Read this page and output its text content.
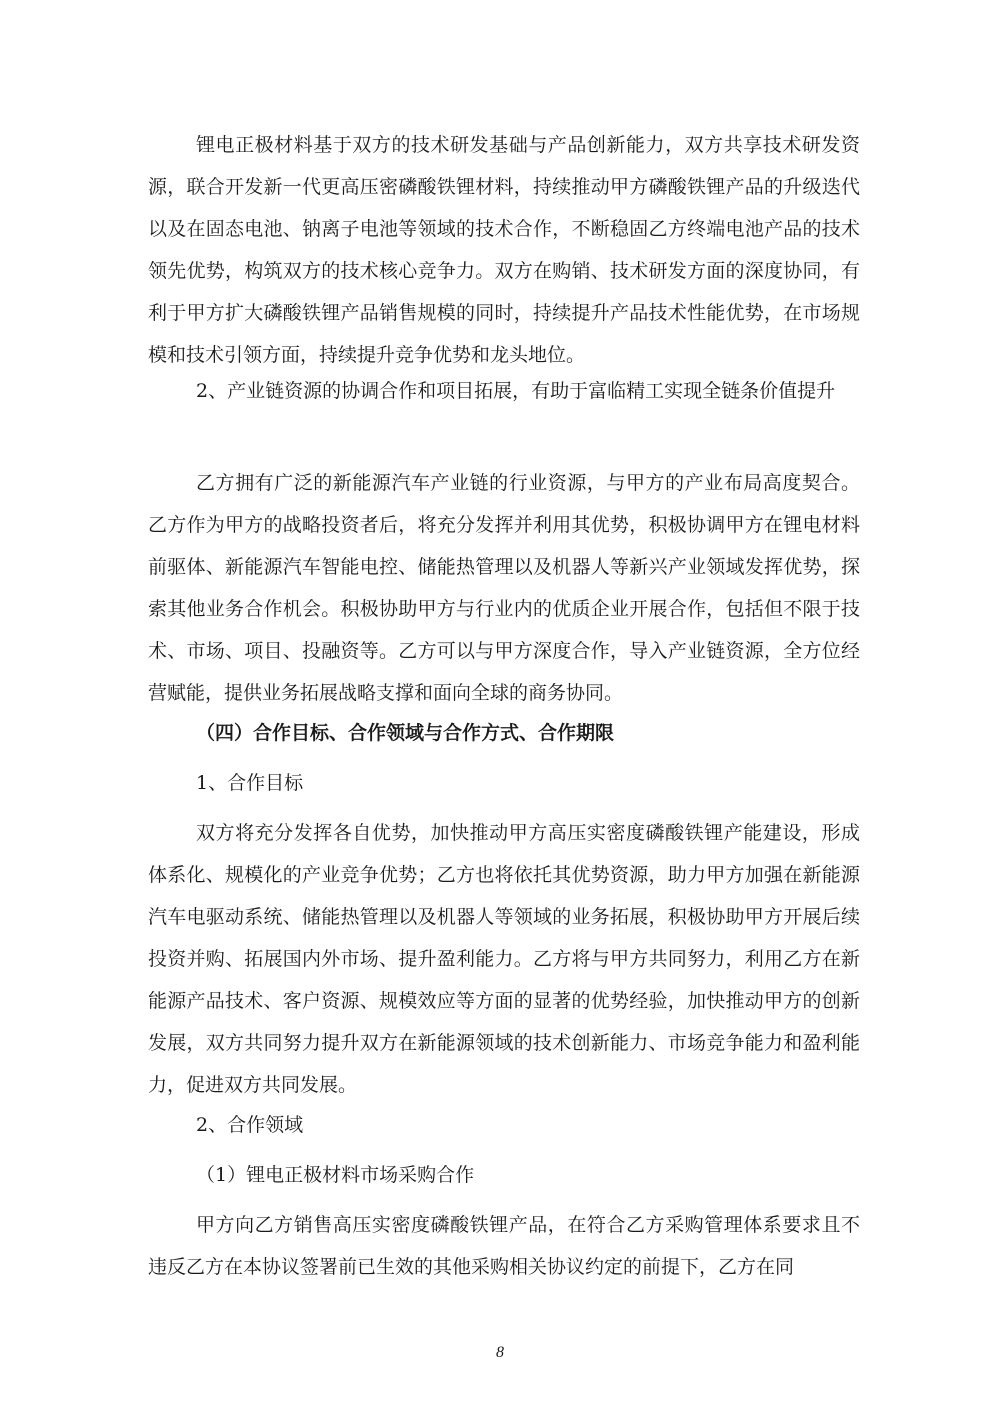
锂电正极材料基于双方的技术研发基础与产品创新能力，双方共享技术研发资源，联合开发新一代更高压密磷酸铁锂材料，持续推动甲方磷酸铁锂产品的升级迭代以及在固态电池、钠离子电池等领域的技术合作，不断稳固乙方终端电池产品的技术领先优势，构筑双方的技术核心竞争力。双方在购销、技术研发方面的深度协同，有利于甲方扩大磷酸铁锂产品销售规模的同时，持续提升产品技术性能优势，在市场规模和技术引领方面，持续提升竞争优势和龙头地位。

2、产业链资源的协调合作和项目拓展，有助于富临精工实现全链条价值提升

乙方拥有广泛的新能源汽车产业链的行业资源，与甲方的产业布局高度契合。乙方作为甲方的战略投资者后，将充分发挥并利用其优势，积极协调甲方在锂电材料前驱体、新能源汽车智能电控、储能热管理以及机器人等新兴产业领域发挥优势，探索其他业务合作机会。积极协助甲方与行业内的优质企业开展合作，包括但不限于技术、市场、项目、投融资等。乙方可以与甲方深度合作，导入产业链资源，全方位经营赋能，提供业务拓展战略支撑和面向全球的商务协同。

（四）合作目标、合作领域与合作方式、合作期限

1、合作目标

双方将充分发挥各自优势，加快推动甲方高压实密度磷酸铁锂产能建设，形成体系化、规模化的产业竞争优势；乙方也将依托其优势资源，助力甲方加强在新能源汽车电驱动系统、储能热管理以及机器人等领域的业务拓展，积极协助甲方开展后续投资并购、拓展国内外市场、提升盈利能力。乙方将与甲方共同努力，利用乙方在新能源产品技术、客户资源、规模效应等方面的显著的优势经验，加快推动甲方的创新发展，双方共同努力提升双方在新能源领域的技术创新能力、市场竞争能力和盈利能力，促进双方共同发展。

2、合作领域

（1）锂电正极材料市场采购合作

甲方向乙方销售高压实密度磷酸铁锂产品，在符合乙方采购管理体系要求且不违反乙方在本协议签署前已生效的其他采购相关协议约定的前提下，乙方在同

8
